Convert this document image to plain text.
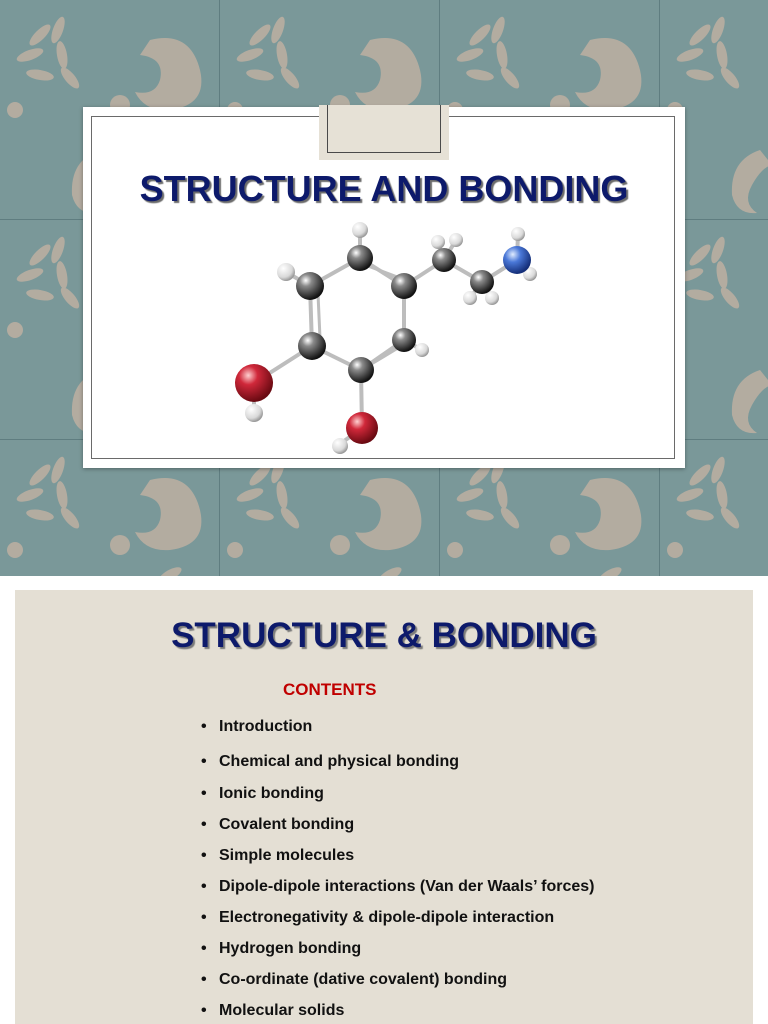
STRUCTURE AND BONDING
STRUCTURE & BONDING
CONTENTS
• Introduction
• Chemical and physical bonding
• Ionic bonding
• Covalent bonding
• Simple molecules
• Dipole-dipole interactions (Van der Waals’ forces)
• Electronegativity & dipole-dipole interaction
• Hydrogen bonding
• Co-ordinate (dative covalent) bonding
• Molecular solids
